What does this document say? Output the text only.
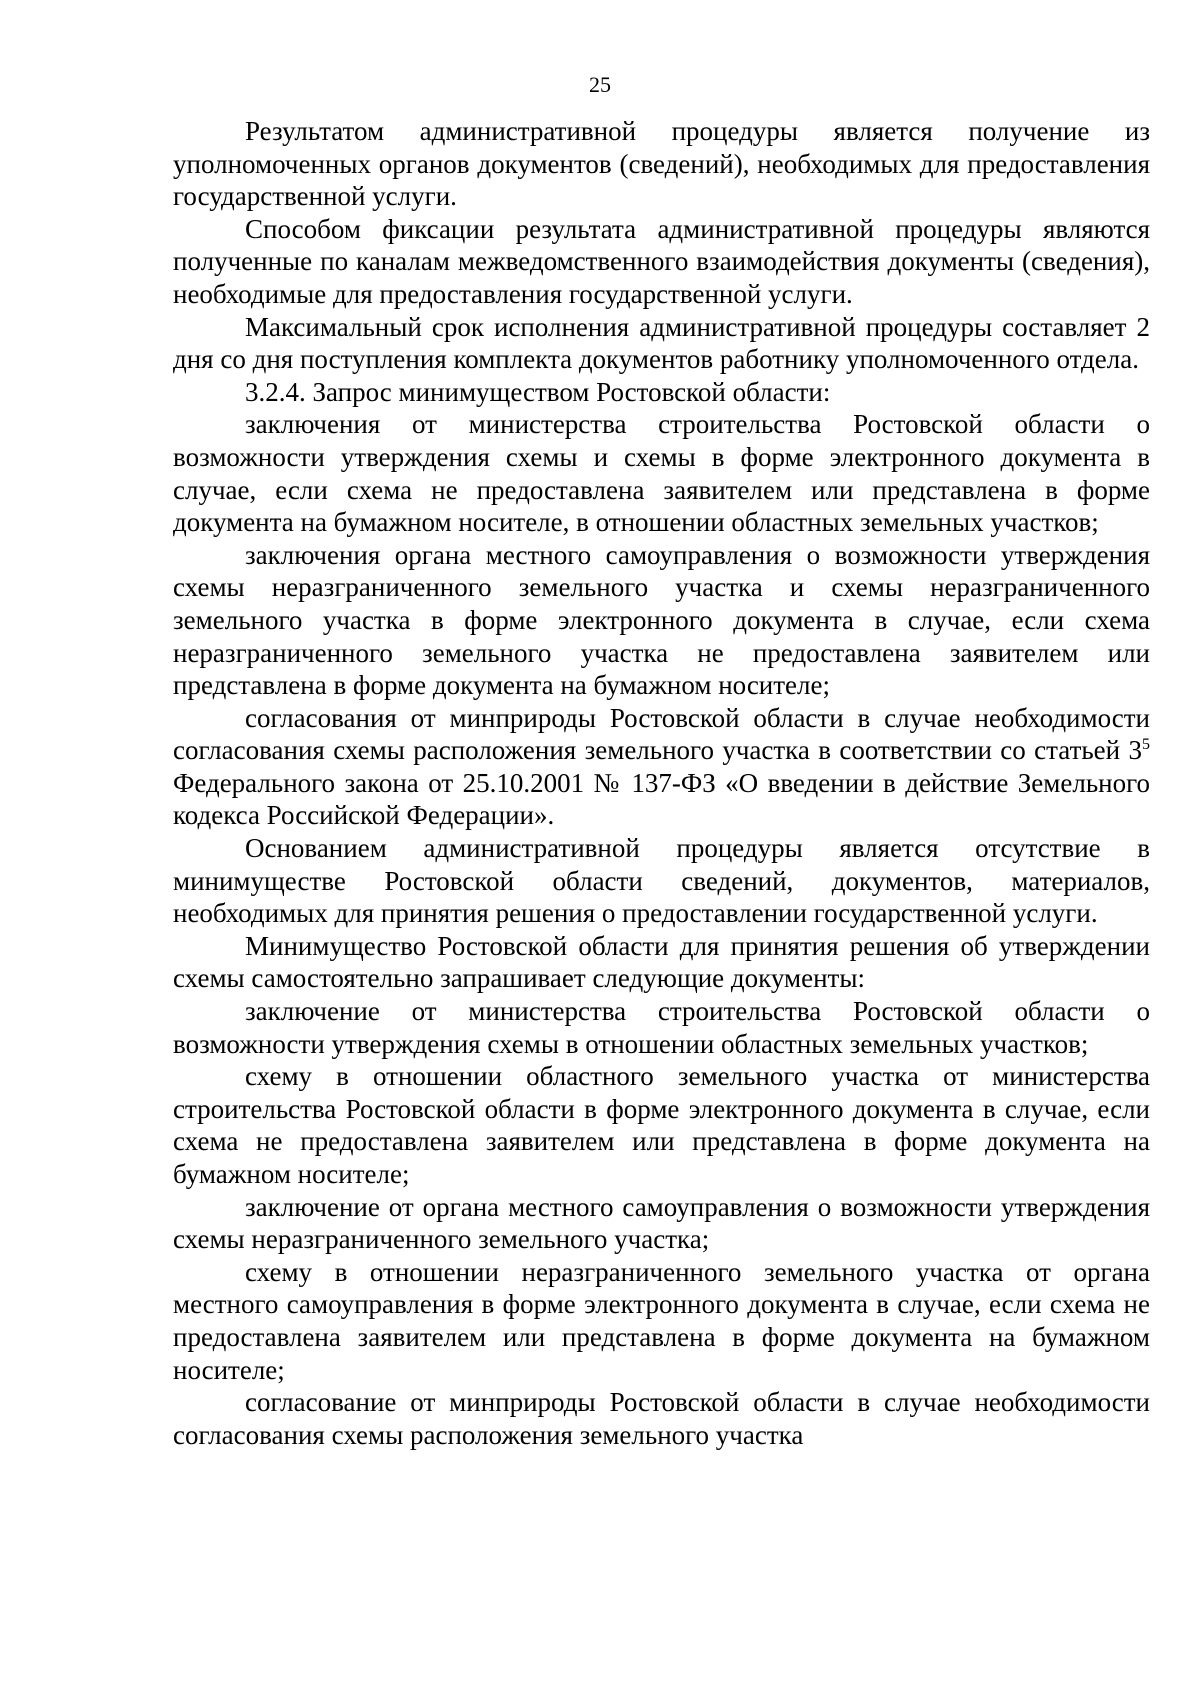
25

Результатом административной процедуры является получение из уполномоченных органов документов (сведений), необходимых для предоставления государственной услуги.

Способом фиксации результата административной процедуры являются полученные по каналам межведомственного взаимодействия документы (сведения), необходимые для предоставления государственной услуги.

Максимальный срок исполнения административной процедуры составляет 2 дня со дня поступления комплекта документов работнику уполномоченного отдела.

3.2.4. Запрос минимуществом Ростовской области:

заключения от министерства строительства Ростовской области о возможности утверждения схемы и схемы в форме электронного документа в случае, если схема не предоставлена заявителем или представлена в форме документа на бумажном носителе, в отношении областных земельных участков;

заключения органа местного самоуправления о возможности утверждения схемы неразграниченного земельного участка и схемы неразграниченного земельного участка в форме электронного документа в случае, если схема неразграниченного земельного участка не предоставлена заявителем или представлена в форме документа на бумажном носителе;

согласования от минприроды Ростовской области в случае необходимости согласования схемы расположения земельного участка в соответствии со статьей $3^5$ Федерального закона от 25.10.2001 № 137-ФЗ «О введении в действие Земельного кодекса Российской Федерации».

Основанием административной процедуры является отсутствие в минимуществе Ростовской области сведений, документов, материалов, необходимых для принятия решения о предоставлении государственной услуги.

Минимущество Ростовской области для принятия решения об утверждении схемы самостоятельно запрашивает следующие документы:

заключение от министерства строительства Ростовской области о возможности утверждения схемы в отношении областных земельных участков;

схему в отношении областного земельного участка от министерства строительства Ростовской области в форме электронного документа в случае, если схема не предоставлена заявителем или представлена в форме документа на бумажном носителе;

заключение от органа местного самоуправления о возможности утверждения схемы неразграниченного земельного участка;

схему в отношении неразграниченного земельного участка от органа местного самоуправления в форме электронного документа в случае, если схема не предоставлена заявителем или представлена в форме документа на бумажном носителе;

согласование от минприроды Ростовской области в случае необходимости согласования схемы расположения земельного участка
